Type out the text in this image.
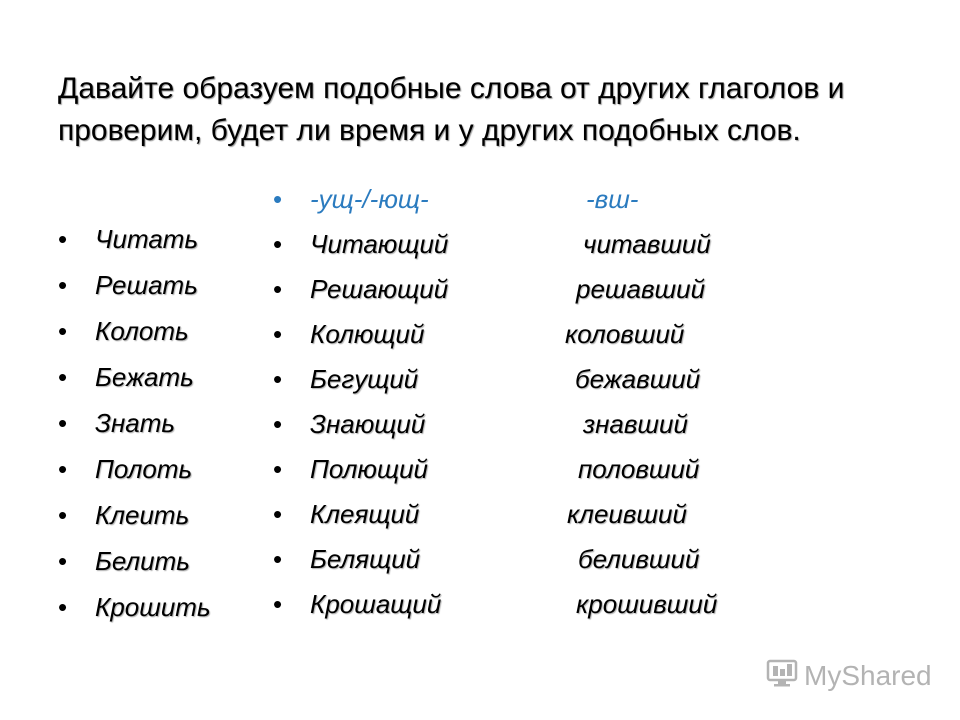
Давайте образуем подобные слова от других глаголов и проверим, будет ли время и у других подобных слов.
• Читать
• Решать
• Колоть
• Бежать
• Знать
• Полоть
• Клеить
• Белить
• Крошить
• -ущ-/-ющ-	-вш-
• Читающий	читавший
• Решающий	решавший
• Колющий	коловший
• Бегущий	бежавший
• Знающий	знавший
• Полющий	половший
• Клеящий	клеивший
• Белящий	беливший
• Крошащий	крошивший
MyShared
